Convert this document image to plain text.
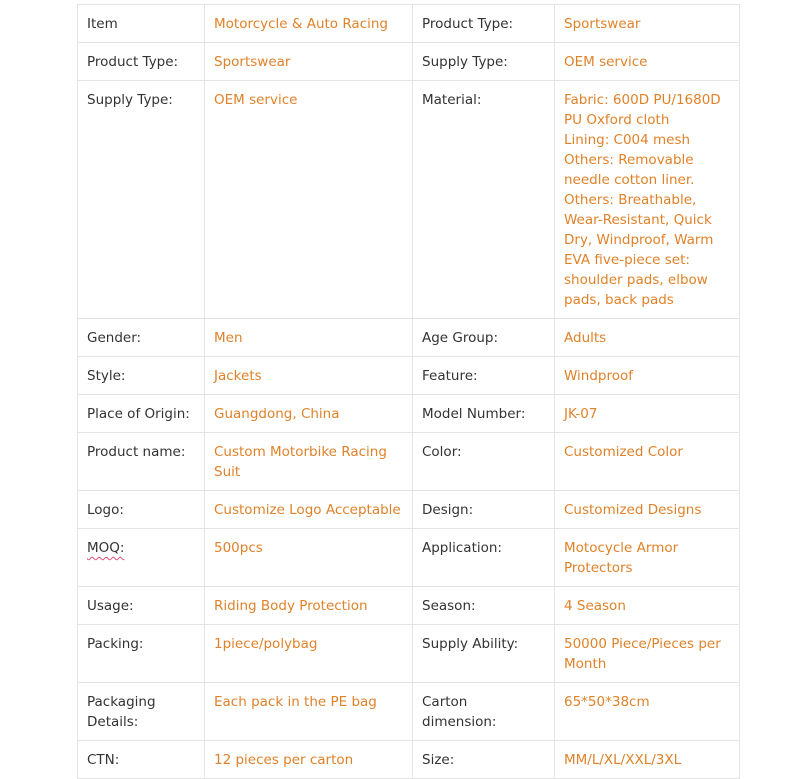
Item	Motorcycle & Auto Racing	Product Type:	Sportswear
Product Type:	Sportswear	Supply Type:	OEM service
Supply Type:	OEM service	Material:	Fabric: 600D PU/1680D PU Oxford cloth
Lining: C004 mesh
Others: Removable needle cotton liner.
Others: Breathable, Wear-Resistant, Quick Dry, Windproof, Warm
EVA five-piece set: shoulder pads, elbow pads, back pads

Gender:	Men	Age Group:	Adults
Style:	Jackets	Feature:	Windproof
Place of Origin:	Guangdong, China	Model Number:	JK-07
Product name:	Custom Motorbike Racing Suit	Color:	Customized Color
Logo:	Customize Logo Acceptable	Design:	Customized Designs
MOQ:	500pcs	Application:	Motocycle Armor Protectors
Usage:	Riding Body Protection	Season:	4 Season
Packing:	1piece/polybag	Supply Ability:	50000 Piece/Pieces per Month
Packaging Details:	Each pack in the PE bag	Carton dimension:	65*50*38cm
CTN:	12 pieces per carton	Size:	MM/L/XL/XXL/3XL
